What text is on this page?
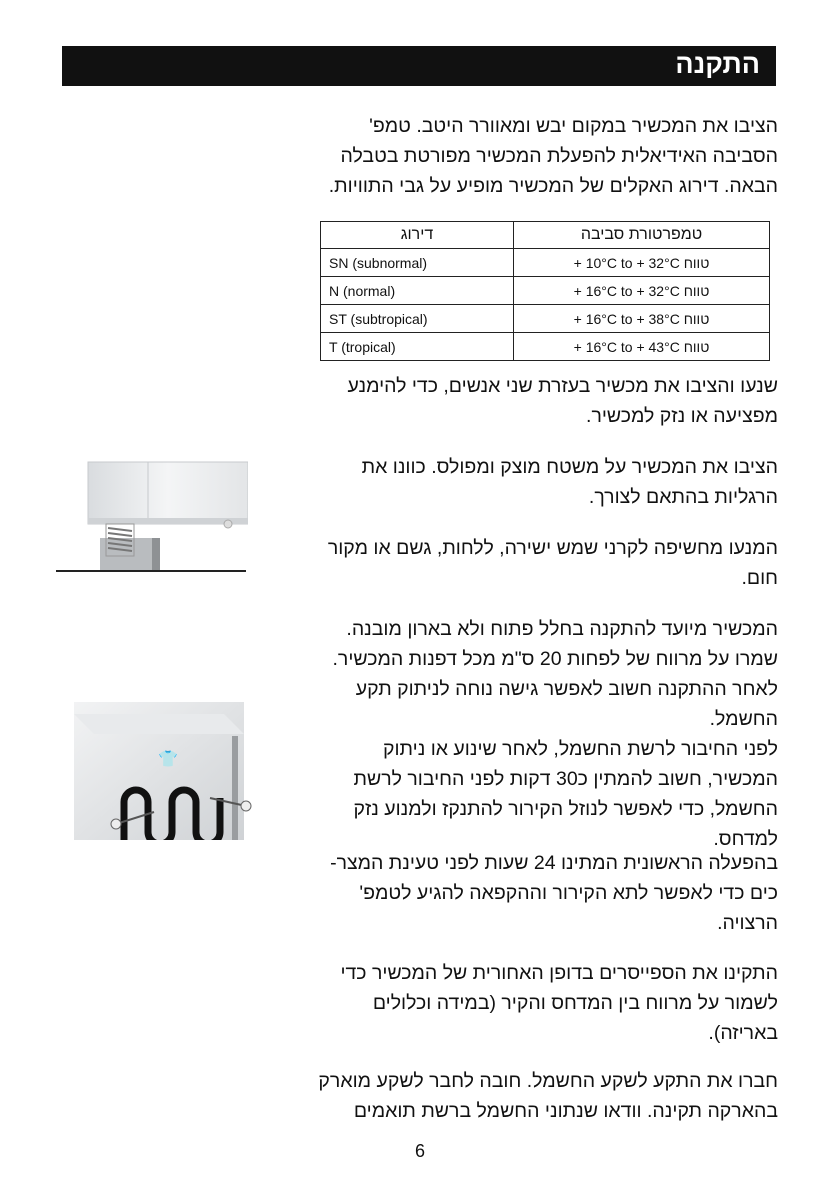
התקנה
הציבו את המכשיר במקום יבש ומאוורר היטב. טמפ'
הסביבה האידיאלית להפעלת המכשיר מפורטת בטבלה
הבאה. דירוג האקלים של המכשיר מופיע על גבי התוויות.
דירוג	טמפרטורת סביבה
SN (subnormal)	‎+ 10°C to + 32°C טווח
N (normal)	‎+ 16°C to + 32°C טווח
ST (subtropical)	‎+ 16°C to + 38°C טווח
T (tropical)	‎+ 16°C to + 43°C טווח
שנעו והציבו את מכשיר בעזרת שני אנשים, כדי להימנע
מפציעה או נזק למכשיר.
הציבו את המכשיר על משטח מוצק ומפולס. כוונו את
הרגליות בהתאם לצורך.
המנעו מחשיפה לקרני שמש ישירה, ללחות, גשם או מקור
חום.
המכשיר מיועד להתקנה בחלל פתוח ולא בארון מובנה.
שמרו על מרווח של לפחות 20 ס"מ מכל דפנות המכשיר.
לאחר ההתקנה חשוב לאפשר גישה נוחה לניתוק תקע
החשמל.
לפני החיבור לרשת החשמל, לאחר שינוע או ניתוק
המכשיר, חשוב להמתין כ30 דקות לפני החיבור לרשת
החשמל, כדי לאפשר לנוזל הקירור להתנקז ולמנוע נזק
למדחס.
בהפעלה הראשונית המתינו 24 שעות לפני טעינת המצר-
כים כדי לאפשר לתא הקירור וההקפאה להגיע לטמפ'
הרצויה.
התקינו את הספייסרים בדופן האחורית של המכשיר כדי
לשמור על מרווח בין המדחס והקיר (במידה וכלולים
באריזה).
חברו את התקע לשקע החשמל. חובה לחבר לשקע מוארק
בהארקה תקינה. וודאו שנתוני החשמל ברשת תואמים
👕
6
